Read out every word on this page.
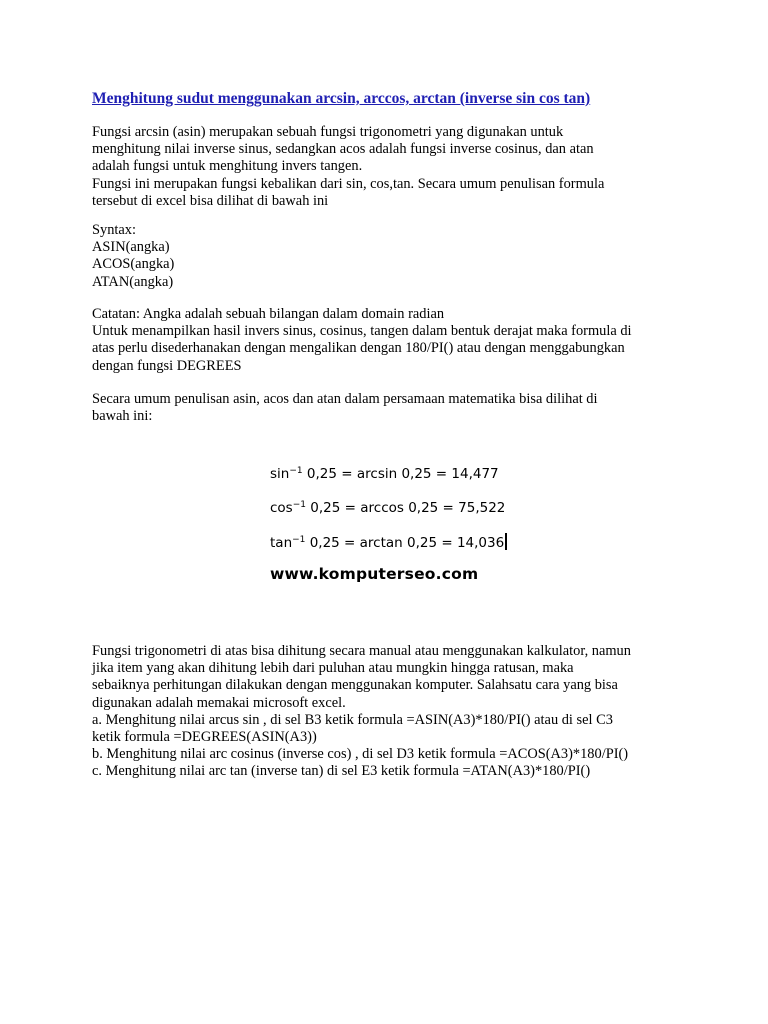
Menghitung sudut menggunakan arcsin, arccos, arctan (inverse sin cos tan)
Fungsi arcsin (asin) merupakan sebuah fungsi trigonometri yang digunakan untuk
menghitung nilai inverse sinus, sedangkan acos adalah fungsi inverse cosinus, dan atan
adalah fungsi untuk menghitung invers tangen.
Fungsi ini merupakan fungsi kebalikan dari sin, cos,tan. Secara umum penulisan formula
tersebut di excel bisa dilihat di bawah ini
Syntax:
ASIN(angka)
ACOS(angka)
ATAN(angka)
Catatan: Angka adalah sebuah bilangan dalam domain radian
Untuk menampilkan hasil invers sinus, cosinus, tangen dalam bentuk derajat maka formula di
atas perlu disederhanakan dengan mengalikan dengan 180/PI() atau dengan menggabungkan
dengan fungsi DEGREES
Secara umum penulisan asin, acos dan atan dalam persamaan matematika bisa dilihat di
bawah ini:
$\sin^{-1} 0,25 = \arcsin 0,25 = 14,477$
$\cos^{-1} 0,25 = \arccos 0,25 = 75,522$
$\tan^{-1} 0,25 = \arctan 0,25 = 14,036$
www.komputerseo.com
Fungsi trigonometri di atas bisa dihitung secara manual atau menggunakan kalkulator, namun
jika item yang akan dihitung lebih dari puluhan atau mungkin hingga ratusan, maka
sebaiknya perhitungan dilakukan dengan menggunakan komputer. Salahsatu cara yang bisa
digunakan adalah memakai microsoft excel.
a. Menghitung nilai arcus sin , di sel B3 ketik formula =ASIN(A3)*180/PI() atau di sel C3
ketik formula =DEGREES(ASIN(A3))
b. Menghitung nilai arc cosinus (inverse cos) , di sel D3 ketik formula =ACOS(A3)*180/PI()
c. Menghitung nilai arc tan (inverse tan) di sel E3 ketik formula =ATAN(A3)*180/PI()
